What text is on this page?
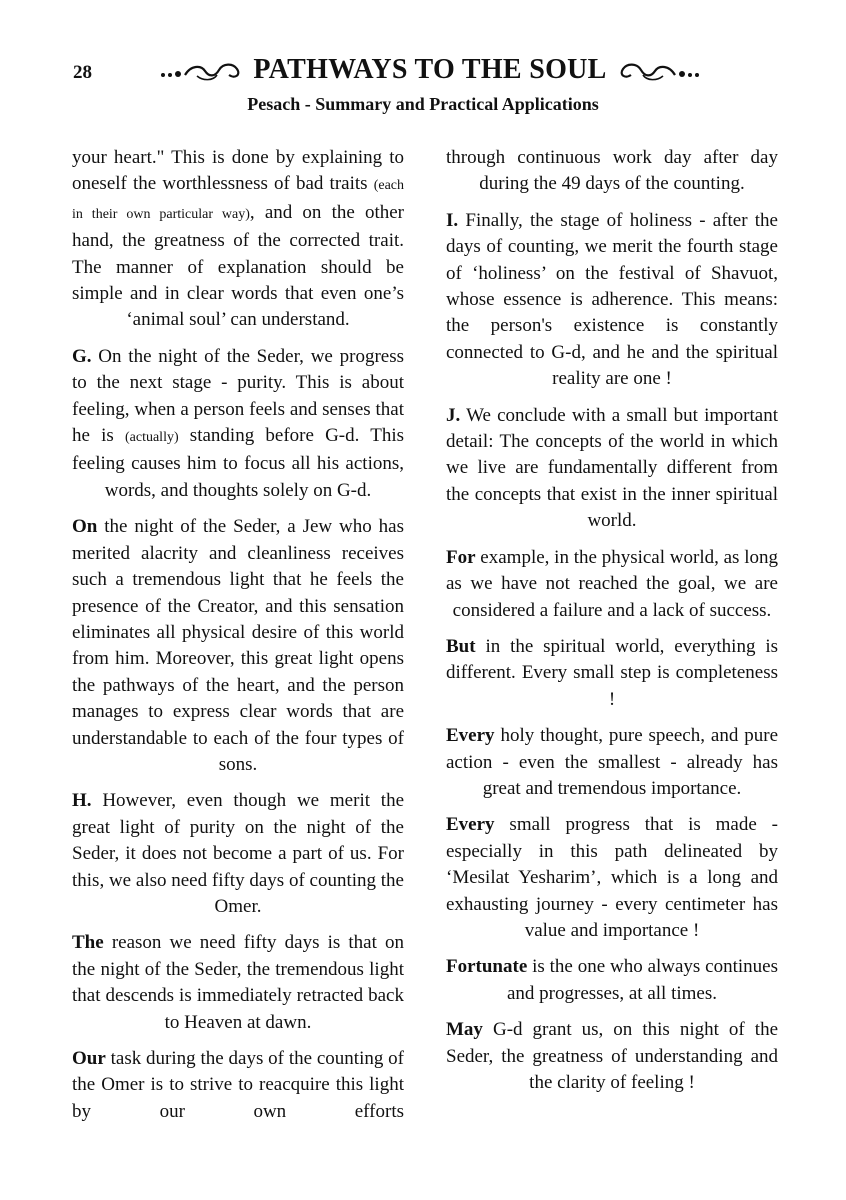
28	PATHWAYS TO THE SOUL
Pesach - Summary and Practical Applications

your heart." This is done by explaining to oneself the worthlessness of bad traits (each in their own particular way), and on the other hand, the greatness of the corrected trait. The manner of explanation should be simple and in clear words that even one’s ‘animal soul’ can understand.

G. On the night of the Seder, we progress to the next stage - purity. This is about feeling, when a person feels and senses that he is (actually) standing before G-d. This feeling causes him to focus all his actions, words, and thoughts solely on G-d.

On the night of the Seder, a Jew who has merited alacrity and cleanliness receives such a tremendous light that he feels the presence of the Creator, and this sensation eliminates all physical desire of this world from him. Moreover, this great light opens the pathways of the heart, and the person manages to express clear words that are understandable to each of the four types of sons.

H. However, even though we merit the great light of purity on the night of the Seder, it does not become a part of us. For this, we also need fifty days of counting the Omer.

The reason we need fifty days is that on the night of the Seder, the tremendous light that descends is immediately retracted back to Heaven at dawn.

Our task during the days of the counting of the Omer is to strive to reacquire this light by our own efforts

through continuous work day after day during the 49 days of the counting.

I. Finally, the stage of holiness - after the days of counting, we merit the fourth stage of ‘holiness’ on the festival of Shavuot, whose essence is adherence. This means: the person's existence is constantly connected to G-d, and he and the spiritual reality are one !

J. We conclude with a small but important detail: The concepts of the world in which we live are fundamentally different from the concepts that exist in the inner spiritual world.

For example, in the physical world, as long as we have not reached the goal, we are considered a failure and a lack of success.

But in the spiritual world, everything is different. Every small step is completeness !

Every holy thought, pure speech, and pure action - even the smallest - already has great and tremendous importance.

Every small progress that is made - especially in this path delineated by ‘Mesilat Yesharim’, which is a long and exhausting journey - every centimeter has value and importance !

Fortunate is the one who always continues and progresses, at all times.

May G-d grant us, on this night of the Seder, the greatness of understanding and the clarity of feeling !
